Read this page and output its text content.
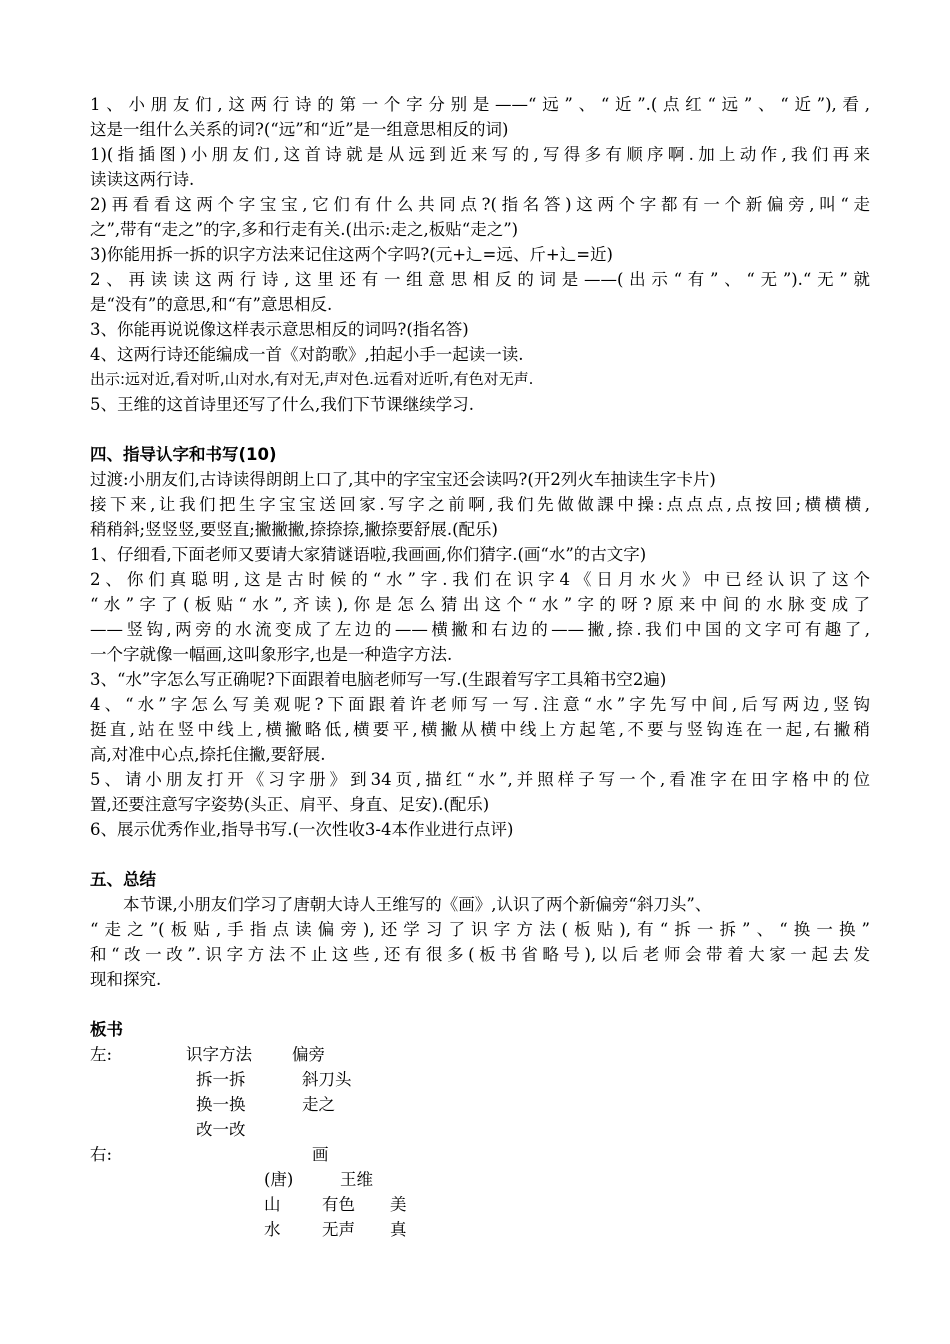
1、小朋友们,这两行诗的第一个字分别是——“远”、“近”.(点红“远”、“近”),看,

这是一组什么关系的词?(“远”和“近”是一组意思相反的词)

1)(指插图)小朋友们,这首诗就是从远到近来写的,写得多有顺序啊.加上动作,我们再来

读读这两行诗.

2)再看看这两个字宝宝,它们有什么共同点?(指名答)这两个字都有一个新偏旁,叫“走

之”,带有“走之”的字,多和行走有关.(出示:走之,板贴“走之”)

3)你能用拆一拆的识字方法来记住这两个字吗?(元+辶=远、斤+辶=近)

2、再读读这两行诗,这里还有一组意思相反的词是——(出示“有”、“无”).“无”就

是“没有”的意思,和“有”意思相反.

3、你能再说说像这样表示意思相反的词吗?(指名答)

4、这两行诗还能编成一首《对韵歌》,拍起小手一起读一读.

出示:远对近,看对听,山对水,有对无,声对色.远看对近听,有色对无声.

5、王维的这首诗里还写了什么,我们下节课继续学习.

四、指导认字和书写(10)

过渡:小朋友们,古诗读得朗朗上口了,其中的字宝宝还会读吗?(开2列火车抽读生字卡片)

接下来,让我们把生字宝宝送回家.写字之前啊,我们先做做課中操:点点点,点按回;横横横,

稍稍斜;竖竖竖,要竖直;撇撇撇,捺捺捺,撇捺要舒展.(配乐)

1、仔细看,下面老师又要请大家猜谜语啦,我画画,你们猜字.(画“水”的古文字)

2、你们真聪明,这是古时候的“水”字.我们在识字4《日月水火》中已经认识了这个

“水”字了(板贴“水”,齐读),你是怎么猜出这个“水”字的呀?原来中间的水脉变成了

——竖钩,两旁的水流变成了左边的——横撇和右边的——撇,捺.我们中国的文字可有趣了,

一个字就像一幅画,这叫象形字,也是一种造字方法.

3、“水”字怎么写正确呢?下面跟着电脑老师写一写.(生跟着写字工具箱书空2遍)

4、“水”字怎么写美观呢?下面跟着许老师写一写.注意“水”字先写中间,后写两边,竖钩

挺直,站在竖中线上,横撇略低,横要平,横撇从横中线上方起笔,不要与竖钩连在一起,右撇稍

高,对准中心点,捺托住撇,要舒展.

5、请小朋友打开《习字册》到34页,描红“水”,并照样子写一个,看准字在田字格中的位

置,还要注意写字姿势(头正、肩平、身直、足安).(配乐)

6、展示优秀作业,指导书写.(一次性收3-4本作业进行点评)

五、总结

本节课,小朋友们学习了唐朝大诗人王维写的《画》,认识了两个新偏旁“斜刀头”、

“走之”(板贴,手指点读偏旁),还学习了识字方法(板贴),有“拆一拆”、“换一换”

和“改一改”.识字方法不止这些,还有很多(板书省略号),以后老师会带着大家一起去发

现和探究.

板书

左:	识字方法 偏旁
拆一拆	斜刀头
换一换	走之
改一改
右:	画
(唐)	王维
山	有色 美
水	无声 真
